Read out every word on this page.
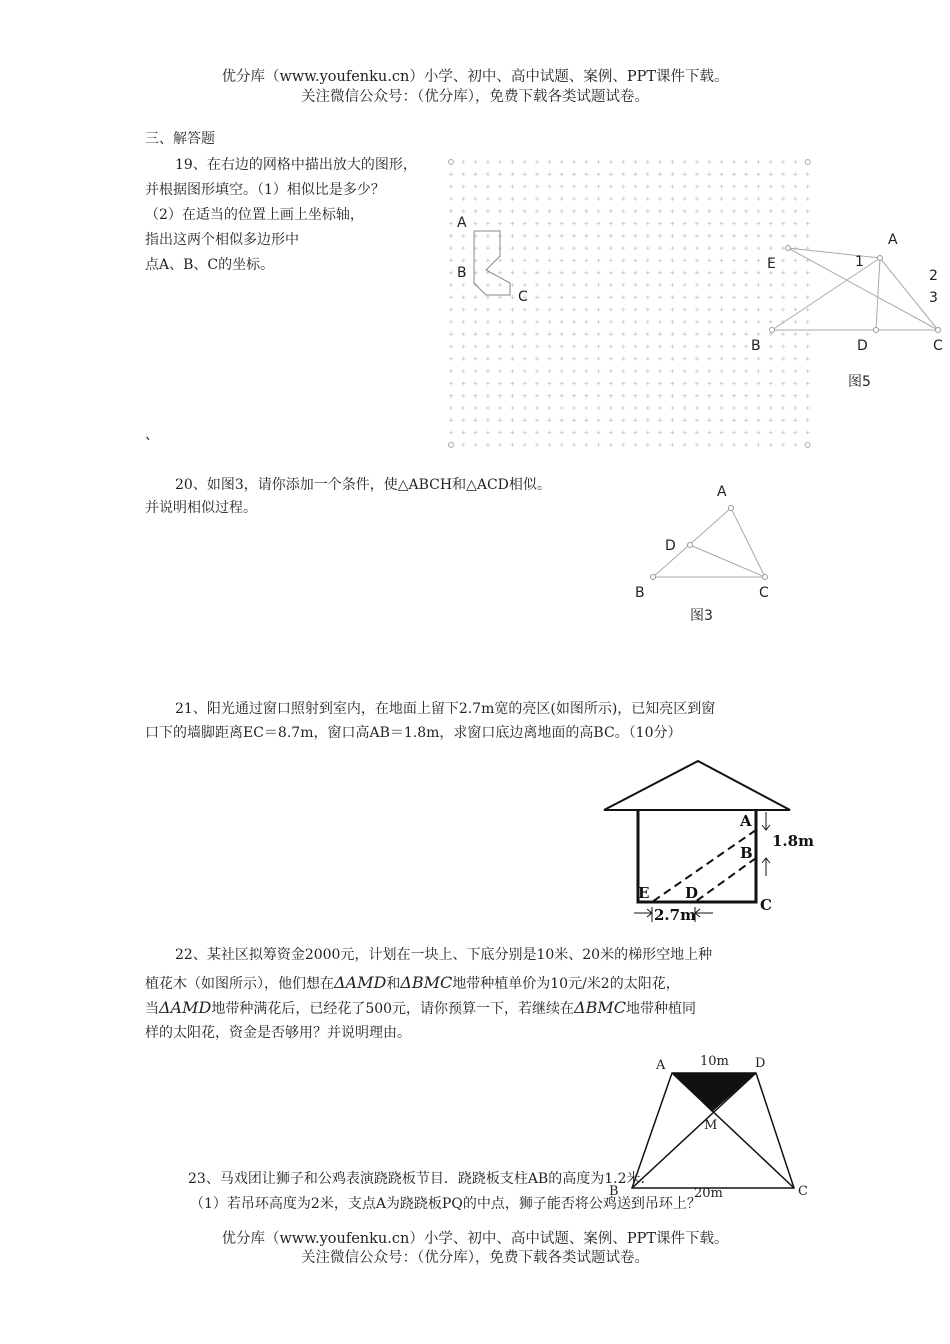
优分库（www.youfenku.cn）小学、初中、高中试题、案例、PPT课件下载。
关注微信公众号：（优分库），免费下载各类试题试卷。
三、解答题
19、在右边的网格中描出放大的图形，
并根据图形填空。（1）相似比是多少？
（2）在适当的位置上画上坐标轴，
指出这两个相似多边形中
点A、B、C的坐标。
、
A
B
C
A
E	1
2
3
B	D	C
图5
20、如图3，请你添加一个条件，使△ABCH和△ACD相似。
并说明相似过程。
A
D
B	C
图3
21、阳光通过窗口照射到室内，在地面上留下2.7m宽的亮区(如图所示)，已知亮区到窗
口下的墙脚距离EC＝8.7m，窗口高AB＝1.8m，求窗口底边离地面的高BC。（10分）
A
1.8m
B
E D
C
2.7m
22、某社区拟筹资金2000元，计划在一块上、下底分别是10米、20米的梯形空地上种
植花木（如图所示），他们想在ΔAMD和ΔBMC地带种植单价为10元/米2的太阳花，
当ΔAMD地带种满花后，已经花了500元，请你预算一下，若继续在ΔBMC地带种植同
样的太阳花，资金是否够用？并说明理由。
A	10m D
M
B	20m	C
23、马戏团让狮子和公鸡表演跷跷板节目．跷跷板支柱AB的高度为1.2米．
（1）若吊环高度为2米，支点A为跷跷板PQ的中点，狮子能否将公鸡送到吊环上？
优分库（www.youfenku.cn）小学、初中、高中试题、案例、PPT课件下载。
关注微信公众号：（优分库），免费下载各类试题试卷。
